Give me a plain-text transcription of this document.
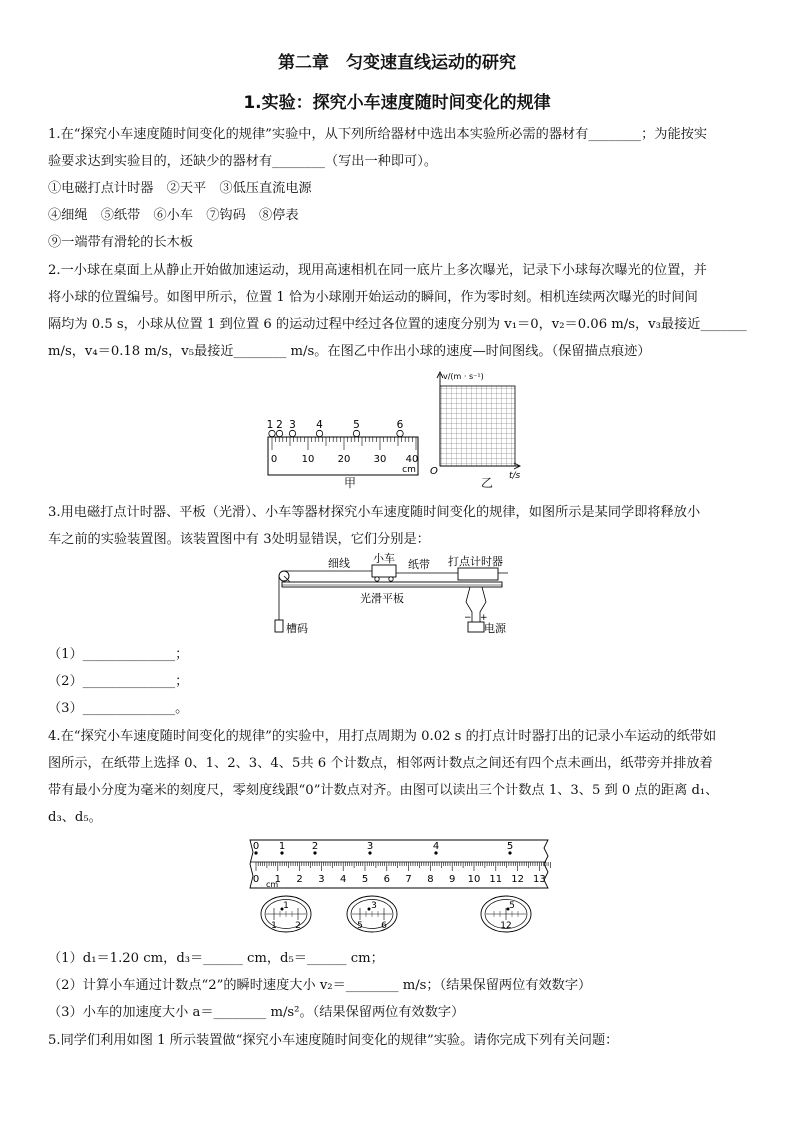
第二章　匀变速直线运动的研究
1.实验：探究小车速度随时间变化的规律
1.在“探究小车速度随时间变化的规律”实验中，从下列所给器材中选出本实验所必需的器材有________；为能按实
验要求达到实验目的，还缺少的器材有________（写出一种即可）。
①电磁打点计时器　②天平　③低压直流电源
④细绳　⑤纸带　⑥小车　⑦钩码　⑧停表
⑨一端带有滑轮的长木板
2.一小球在桌面上从静止开始做加速运动，现用高速相机在同一底片上多次曝光，记录下小球每次曝光的位置，并
将小球的位置编号。如图甲所示，位置 1 恰为小球刚开始运动的瞬间，作为零时刻。相机连续两次曝光的时间间
隔均为 0.5 s，小球从位置 1 到位置 6 的运动过程中经过各位置的速度分别为 v₁＝0，v₂＝0.06 m/s，v₃最接近_______
m/s，v₄＝0.18 m/s，v₅最接近________ m/s。在图乙中作出小球的速度—时间图线。（保留描点痕迹）
1 2 3 4	5	6
0 10 20 30 40
cm
甲
v/(m · s⁻¹)
t/s
O
乙
3.用电磁打点计时器、平板（光滑）、小车等器材探究小车速度随时间变化的规律，如图所示是某同学即将释放小
车之前的实验装置图。该装置图中有 3处明显错误，它们分别是：
细线 小车 纸带 打点计时器
光滑平板
槽码	电源
+
−
（1）______________；
（2）______________；
（3）______________。
4.在“探究小车速度随时间变化的规律”的实验中，用打点周期为 0.02 s 的打点计时器打出的记录小车运动的纸带如
图所示，在纸带上选择 0、1、2、3、4、5共 6 个计数点，相邻两计数点之间还有四个点未画出，纸带旁并排放着
带有最小分度为毫米的刻度尺，零刻度线跟“0”计数点对齐。由图可以读出三个计数点 1、3、5 到 0 点的距离 d₁、
d₃、d₅。
0 1	2	3	4	5
0 1 2 3 4 5 6 7 8 9 10 11 12 13
cm
1
1 2
3
5 6
5
12
（1）d₁＝1.20 cm，d₃＝______ cm，d₅＝______ cm；
（2）计算小车通过计数点“2”的瞬时速度大小 v₂＝________ m/s；（结果保留两位有效数字）
（3）小车的加速度大小 a＝________ m/s²。（结果保留两位有效数字）
5.同学们利用如图 1 所示装置做“探究小车速度随时间变化的规律”实验。请你完成下列有关问题：
